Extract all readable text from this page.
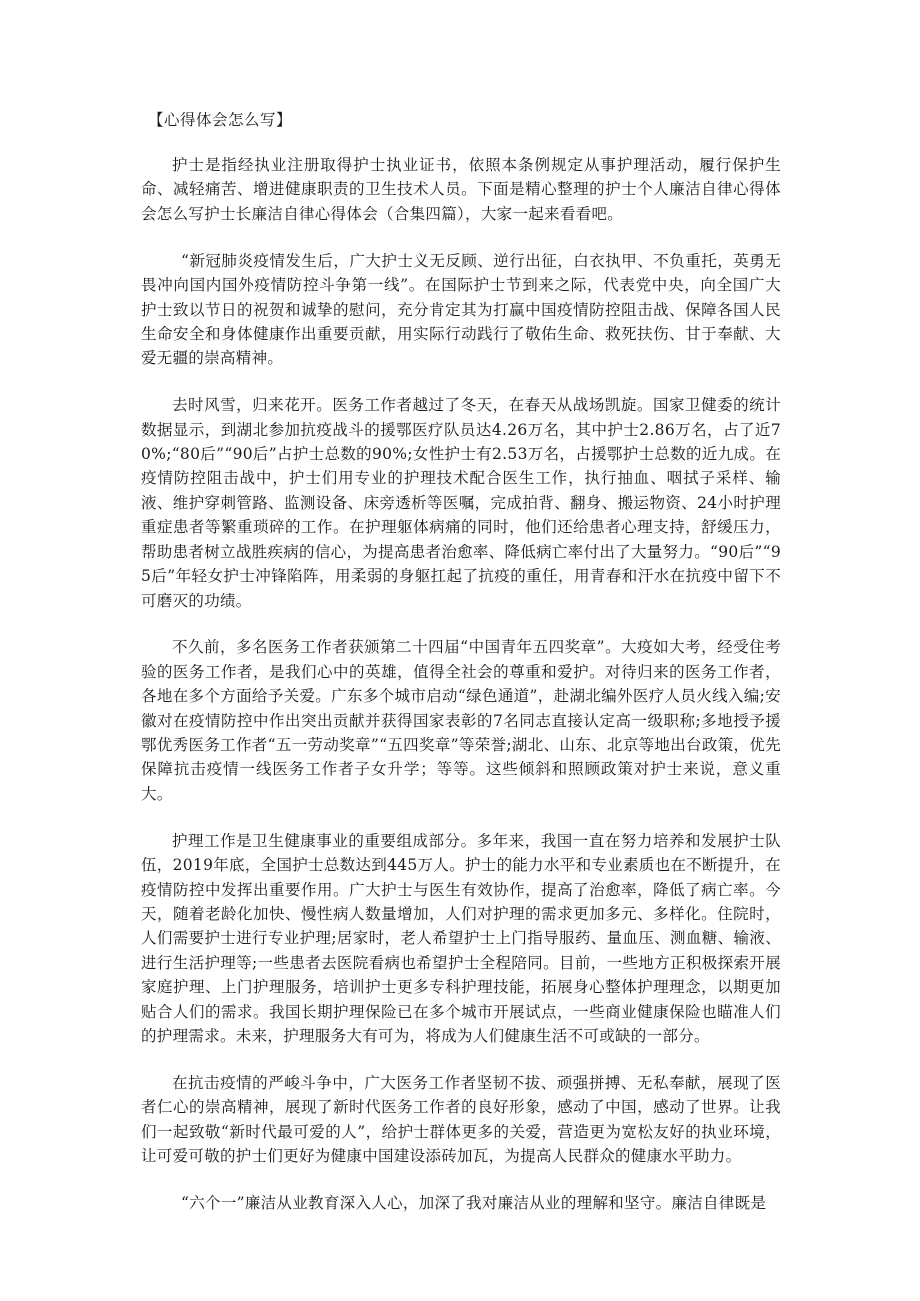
【心得体会怎么写】

护士是指经执业注册取得护士执业证书，依照本条例规定从事护理活动，履行保护生命、减轻痛苦、增进健康职责的卫生技术人员。下面是精心整理的护士个人廉洁自律心得体会怎么写护士长廉洁自律心得体会（合集四篇），大家一起来看看吧。

“新冠肺炎疫情发生后，广大护士义无反顾、逆行出征，白衣执甲、不负重托，英勇无畏冲向国内国外疫情防控斗争第一线”。在国际护士节到来之际，代表党中央，向全国广大护士致以节日的祝贺和诚挚的慰问，充分肯定其为打赢中国疫情防控阻击战、保障各国人民生命安全和身体健康作出重要贡献，用实际行动践行了敬佑生命、救死扶伤、甘于奉献、大爱无疆的崇高精神。

去时风雪，归来花开。医务工作者越过了冬天，在春天从战场凯旋。国家卫健委的统计数据显示，到湖北参加抗疫战斗的援鄂医疗队员达4.26万名，其中护士2.86万名，占了近70%;“80后”“90后”占护士总数的90%;女性护士有2.53万名，占援鄂护士总数的近九成。在疫情防控阻击战中，护士们用专业的护理技术配合医生工作，执行抽血、咽拭子采样、输液、维护穿刺管路、监测设备、床旁透析等医嘱，完成拍背、翻身、搬运物资、24小时护理重症患者等繁重琐碎的工作。在护理躯体病痛的同时，他们还给患者心理支持，舒缓压力，帮助患者树立战胜疾病的信心，为提高患者治愈率、降低病亡率付出了大量努力。“90后”“95后”年轻女护士冲锋陷阵，用柔弱的身躯扛起了抗疫的重任，用青春和汗水在抗疫中留下不可磨灭的功绩。

不久前，多名医务工作者获颁第二十四届“中国青年五四奖章”。大疫如大考，经受住考验的医务工作者，是我们心中的英雄，值得全社会的尊重和爱护。对待归来的医务工作者，各地在多个方面给予关爱。广东多个城市启动“绿色通道”，赴湖北编外医疗人员火线入编;安徽对在疫情防控中作出突出贡献并获得国家表彰的7名同志直接认定高一级职称;多地授予援鄂优秀医务工作者“五一劳动奖章”“五四奖章”等荣誉;湖北、山东、北京等地出台政策，优先保障抗击疫情一线医务工作者子女升学；等等。这些倾斜和照顾政策对护士来说，意义重大。

护理工作是卫生健康事业的重要组成部分。多年来，我国一直在努力培养和发展护士队伍，2019年底，全国护士总数达到445万人。护士的能力水平和专业素质也在不断提升，在疫情防控中发挥出重要作用。广大护士与医生有效协作，提高了治愈率，降低了病亡率。今天，随着老龄化加快、慢性病人数量增加，人们对护理的需求更加多元、多样化。住院时，人们需要护士进行专业护理;居家时，老人希望护士上门指导服药、量血压、测血糖、输液、进行生活护理等;一些患者去医院看病也希望护士全程陪同。目前，一些地方正积极探索开展家庭护理、上门护理服务，培训护士更多专科护理技能，拓展身心整体护理理念，以期更加贴合人们的需求。我国长期护理保险已在多个城市开展试点，一些商业健康保险也瞄准人们的护理需求。未来，护理服务大有可为，将成为人们健康生活不可或缺的一部分。

在抗击疫情的严峻斗争中，广大医务工作者坚韧不拔、顽强拼搏、无私奉献，展现了医者仁心的崇高精神，展现了新时代医务工作者的良好形象，感动了中国，感动了世界。让我们一起致敬“新时代最可爱的人”，给护士群体更多的关爱，营造更为宽松友好的执业环境，让可爱可敬的护士们更好为健康中国建设添砖加瓦，为提高人民群众的健康水平助力。

“六个一”廉洁从业教育深入人心，加深了我对廉洁从业的理解和坚守。廉洁自律既是
